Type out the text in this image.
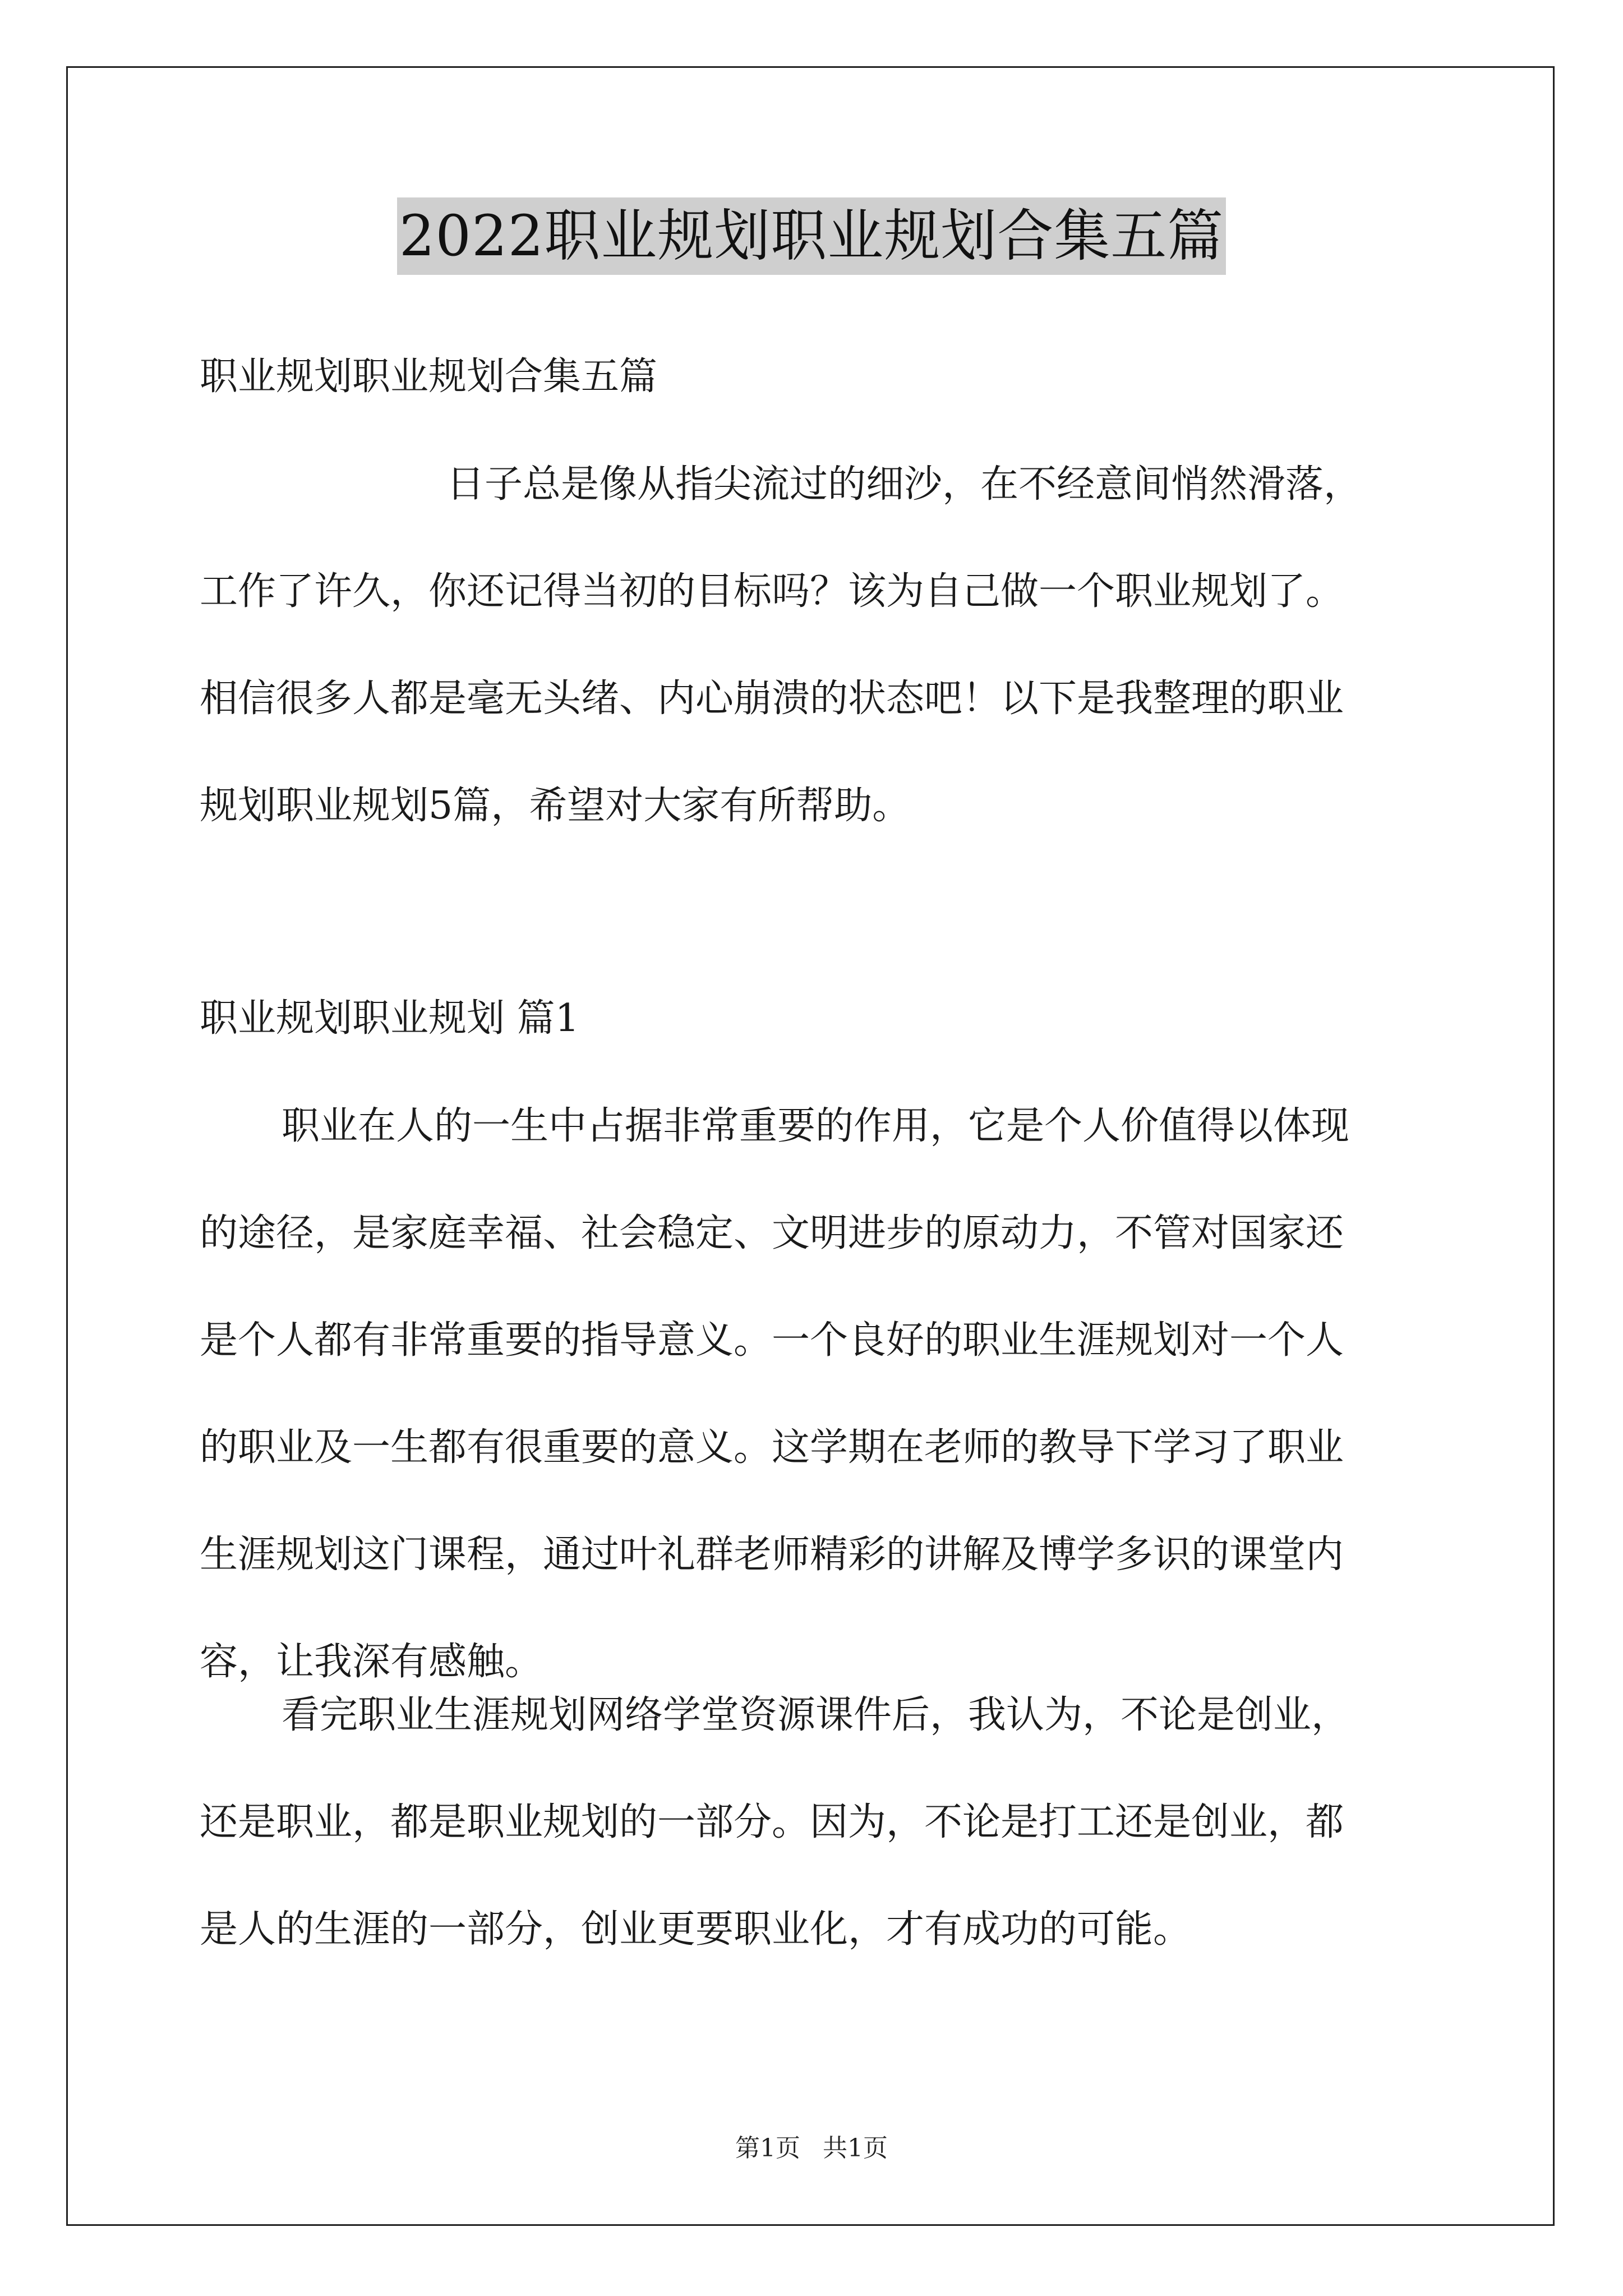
2022职业规划职业规划合集五篇

职业规划职业规划合集五篇

日子总是像从指尖流过的细沙，在不经意间悄然滑落，

工作了许久，你还记得当初的目标吗？该为自己做一个职业规划了。

相信很多人都是毫无头绪、内心崩溃的状态吧！以下是我整理的职业

规划职业规划5篇，希望对大家有所帮助。

职业规划职业规划 篇1

职业在人的一生中占据非常重要的作用，它是个人价值得以体现

的途径，是家庭幸福、社会稳定、文明进步的原动力，不管对国家还

是个人都有非常重要的指导意义。一个良好的职业生涯规划对一个人

的职业及一生都有很重要的意义。这学期在老师的教导下学习了职业

生涯规划这门课程，通过叶礼群老师精彩的讲解及博学多识的课堂内

容，让我深有感触。

看完职业生涯规划网络学堂资源课件后，我认为，不论是创业，

还是职业，都是职业规划的一部分。因为，不论是打工还是创业，都

是人的生涯的一部分，创业更要职业化，才有成功的可能。

第1页 共1页
